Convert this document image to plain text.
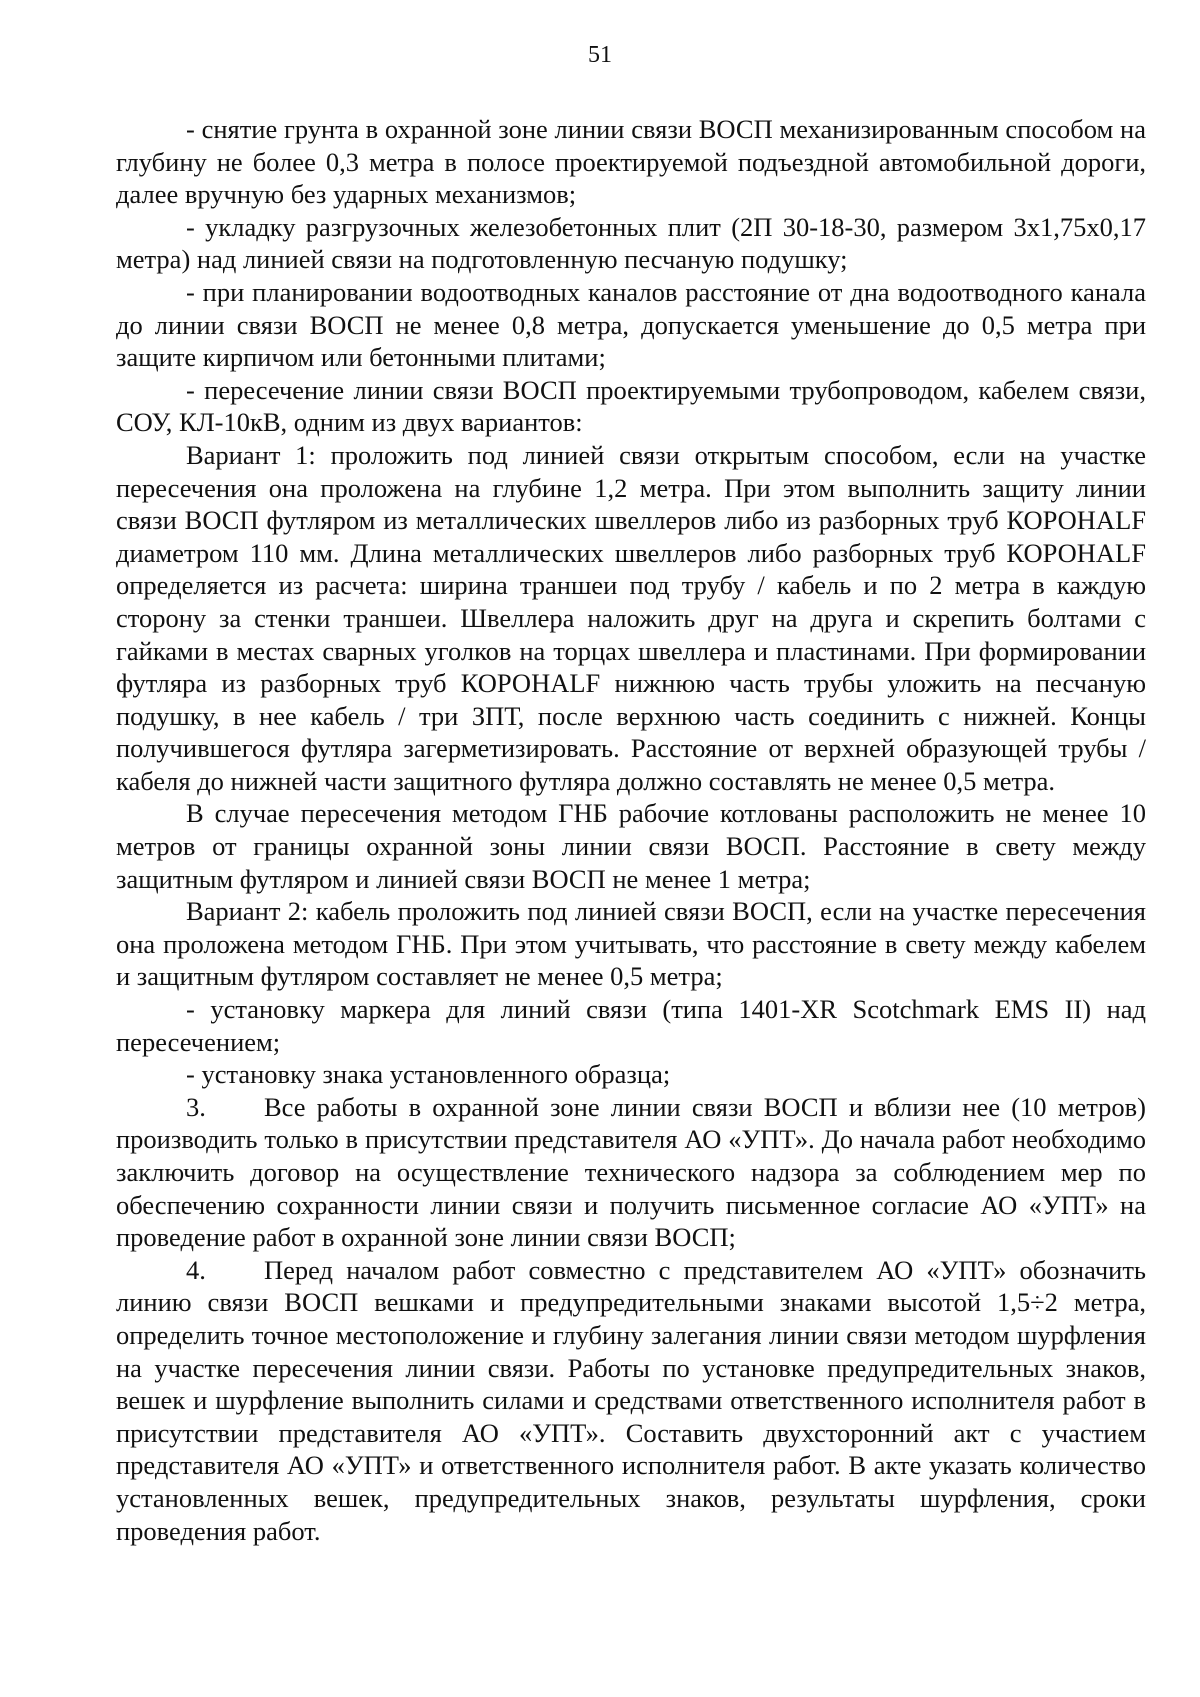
51

- снятие грунта в охранной зоне линии связи ВОСП механизированным способом на глубину не более 0,3 метра в полосе проектируемой подъездной автомобильной дороги, далее вручную без ударных механизмов;

- укладку разгрузочных железобетонных плит (2П 30-18-30, размером 3x1,75x0,17 метра) над линией связи на подготовленную песчаную подушку;

- при планировании водоотводных каналов расстояние от дна водоотводного канала до линии связи ВОСП не менее 0,8 метра, допускается уменьшение до 0,5 метра при защите кирпичом или бетонными плитами;

- пересечение линии связи ВОСП проектируемыми трубопроводом, кабелем связи, СОУ, КЛ-10кВ, одним из двух вариантов:

Вариант 1: проложить под линией связи открытым способом, если на участке пересечения она проложена на глубине 1,2 метра. При этом выполнить защиту линии связи ВОСП футляром из металлических швеллеров либо из разборных труб КОРОНALF диаметром 110 мм. Длина металлических швеллеров либо разборных труб КОРОНALF определяется из расчета: ширина траншеи под трубу / кабель и по 2 метра в каждую сторону за стенки траншеи. Швеллера наложить друг на друга и скрепить болтами с гайками в местах сварных уголков на торцах швеллера и пластинами. При формировании футляра из разборных труб КОРОНALF нижнюю часть трубы уложить на песчаную подушку, в нее кабель / три ЗПТ, после верхнюю часть соединить с нижней. Концы получившегося футляра загерметизировать. Расстояние от верхней образующей трубы / кабеля до нижней части защитного футляра должно составлять не менее 0,5 метра.

В случае пересечения методом ГНБ рабочие котлованы расположить не менее 10 метров от границы охранной зоны линии связи ВОСП. Расстояние в свету между защитным футляром и линией связи ВОСП не менее 1 метра;

Вариант 2: кабель проложить под линией связи ВОСП, если на участке пересечения она проложена методом ГНБ. При этом учитывать, что расстояние в свету между кабелем и защитным футляром составляет не менее 0,5 метра;

- установку маркера для линий связи (типа 1401-XR Scotchmark EMS II) над пересечением;

- установку знака установленного образца;

3. Все работы в охранной зоне линии связи ВОСП и вблизи нее (10 метров) производить только в присутствии представителя АО «УПТ». До начала работ необходимо заключить договор на осуществление технического надзора за соблюдением мер по обеспечению сохранности линии связи и получить письменное согласие АО «УПТ» на проведение работ в охранной зоне линии связи ВОСП;

4. Перед началом работ совместно с представителем АО «УПТ» обозначить линию связи ВОСП вешками и предупредительными знаками высотой 1,5÷2 метра, определить точное местоположение и глубину залегания линии связи методом шурфления на участке пересечения линии связи. Работы по установке предупредительных знаков, вешек и шурфление выполнить силами и средствами ответственного исполнителя работ в присутствии представителя АО «УПТ». Составить двухсторонний акт с участием представителя АО «УПТ» и ответственного исполнителя работ. В акте указать количество установленных вешек, предупредительных знаков, результаты шурфления, сроки проведения работ.
